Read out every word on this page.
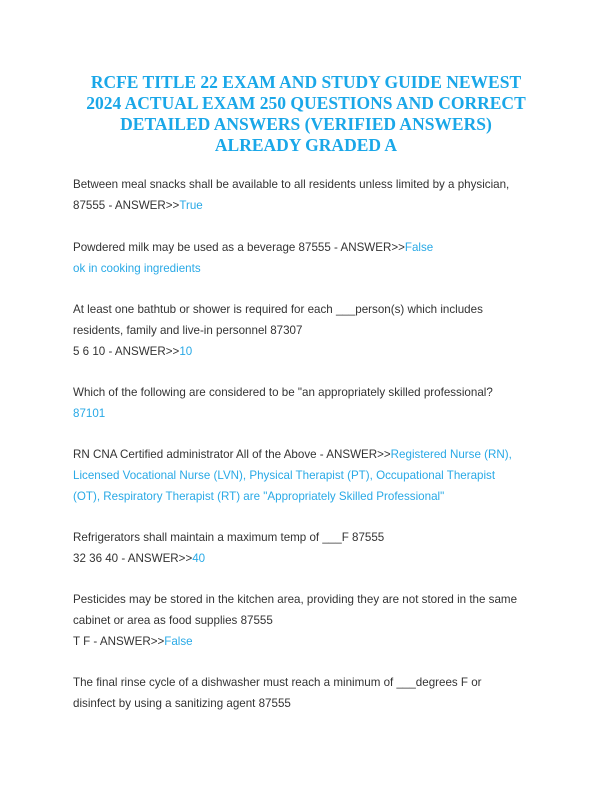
RCFE TITLE 22 EXAM AND STUDY GUIDE NEWEST
2024 ACTUAL EXAM 250 QUESTIONS AND CORRECT
DETAILED ANSWERS (VERIFIED ANSWERS)
ALREADY GRADED A
Between meal snacks shall be available to all residents unless limited by a physician,
87555 - ANSWER>>True
Powdered milk may be used as a beverage 87555 - ANSWER>>False
ok in cooking ingredients
At least one bathtub or shower is required for each ___person(s) which includes
residents, family and live-in personnel 87307
5 6 10 - ANSWER>>10
Which of the following are considered to be "an appropriately skilled professional?
87101
RN CNA Certified administrator All of the Above - ANSWER>>Registered Nurse (RN),
Licensed Vocational Nurse (LVN), Physical Therapist (PT), Occupational Therapist
(OT), Respiratory Therapist (RT) are "Appropriately Skilled Professional"
Refrigerators shall maintain a maximum temp of ___F 87555
32 36 40 - ANSWER>>40
Pesticides may be stored in the kitchen area, providing they are not stored in the same
cabinet or area as food supplies 87555
T F - ANSWER>>False
The final rinse cycle of a dishwasher must reach a minimum of ___degrees F or
disinfect by using a sanitizing agent 87555
